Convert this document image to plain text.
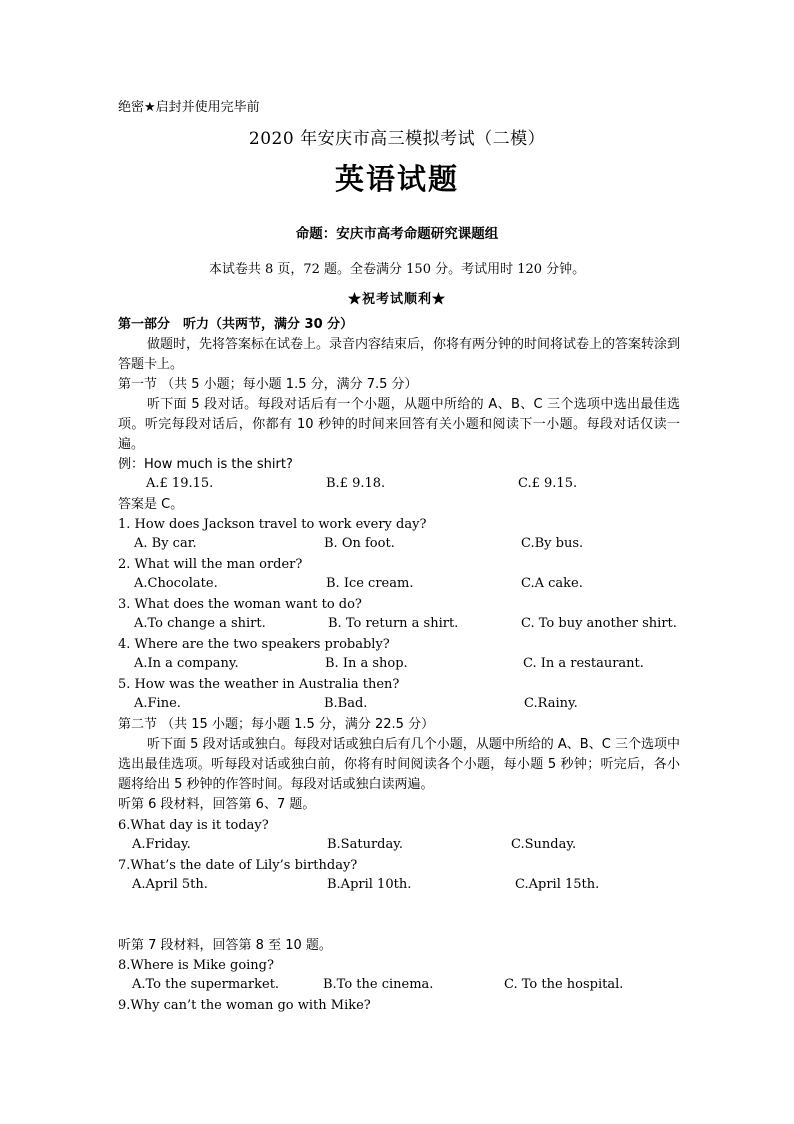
绝密★启封并使用完毕前
2020 年安庆市高三模拟考试（二模）
英语试题
命题：安庆市高考命题研究课题组
本试卷共 8 页，72 题。全卷满分 150 分。考试用时 120 分钟。
★祝考试顺利★
第一部分　听力（共两节，满分 30 分）
做题时，先将答案标在试卷上。录音内容结束后，你将有两分钟的时间将试卷上的答案转涂到答题卡上。
第一节 （共 5 小题；每小题 1.5 分，满分 7.5 分）
听下面 5 段对话。每段对话后有一个小题，从题中所给的 A、B、C 三个选项中选出最佳选项。听完每段对话后，你都有 10 秒钟的时间来回答有关小题和阅读下一小题。每段对话仅读一遍。
例：How much is the shirt?
A.£ 19.15.	B.£ 9.18.	C.£ 9.15.
答案是 C。
1. How does Jackson travel to work every day?
A. By car.	B. On foot.	C.By bus.
2. What will the man order?
A.Chocolate.	B. Ice cream.	C.A cake.
3. What does the woman want to do?
A.To change a shirt.	B. To return a shirt.	C. To buy another shirt.
4. Where are the two speakers probably?
A.In a company.	B. In a shop.	C. In a restaurant.
5. How was the weather in Australia then?
A.Fine.	B.Bad.	C.Rainy.
第二节 （共 15 小题；每小题 1.5 分，满分 22.5 分）
听下面 5 段对话或独白。每段对话或独白后有几个小题，从题中所给的 A、B、C 三个选项中选出最佳选项。听每段对话或独白前，你将有时间阅读各个小题，每小题 5 秒钟；听完后，各小题将给出 5 秒钟的作答时间。每段对话或独白读两遍。
听第 6 段材料，回答第 6、7 题。
6.What day is it today?
A.Friday.	B.Saturday.	C.Sunday.
7.What’s the date of Lily’s birthday?
A.April 5th.	B.April 10th.	C.April 15th.
听第 7 段材料，回答第 8 至 10 题。
8.Where is Mike going?
A.To the supermarket.	B.To the cinema.	C. To the hospital.
9.Why can’t the woman go with Mike?
